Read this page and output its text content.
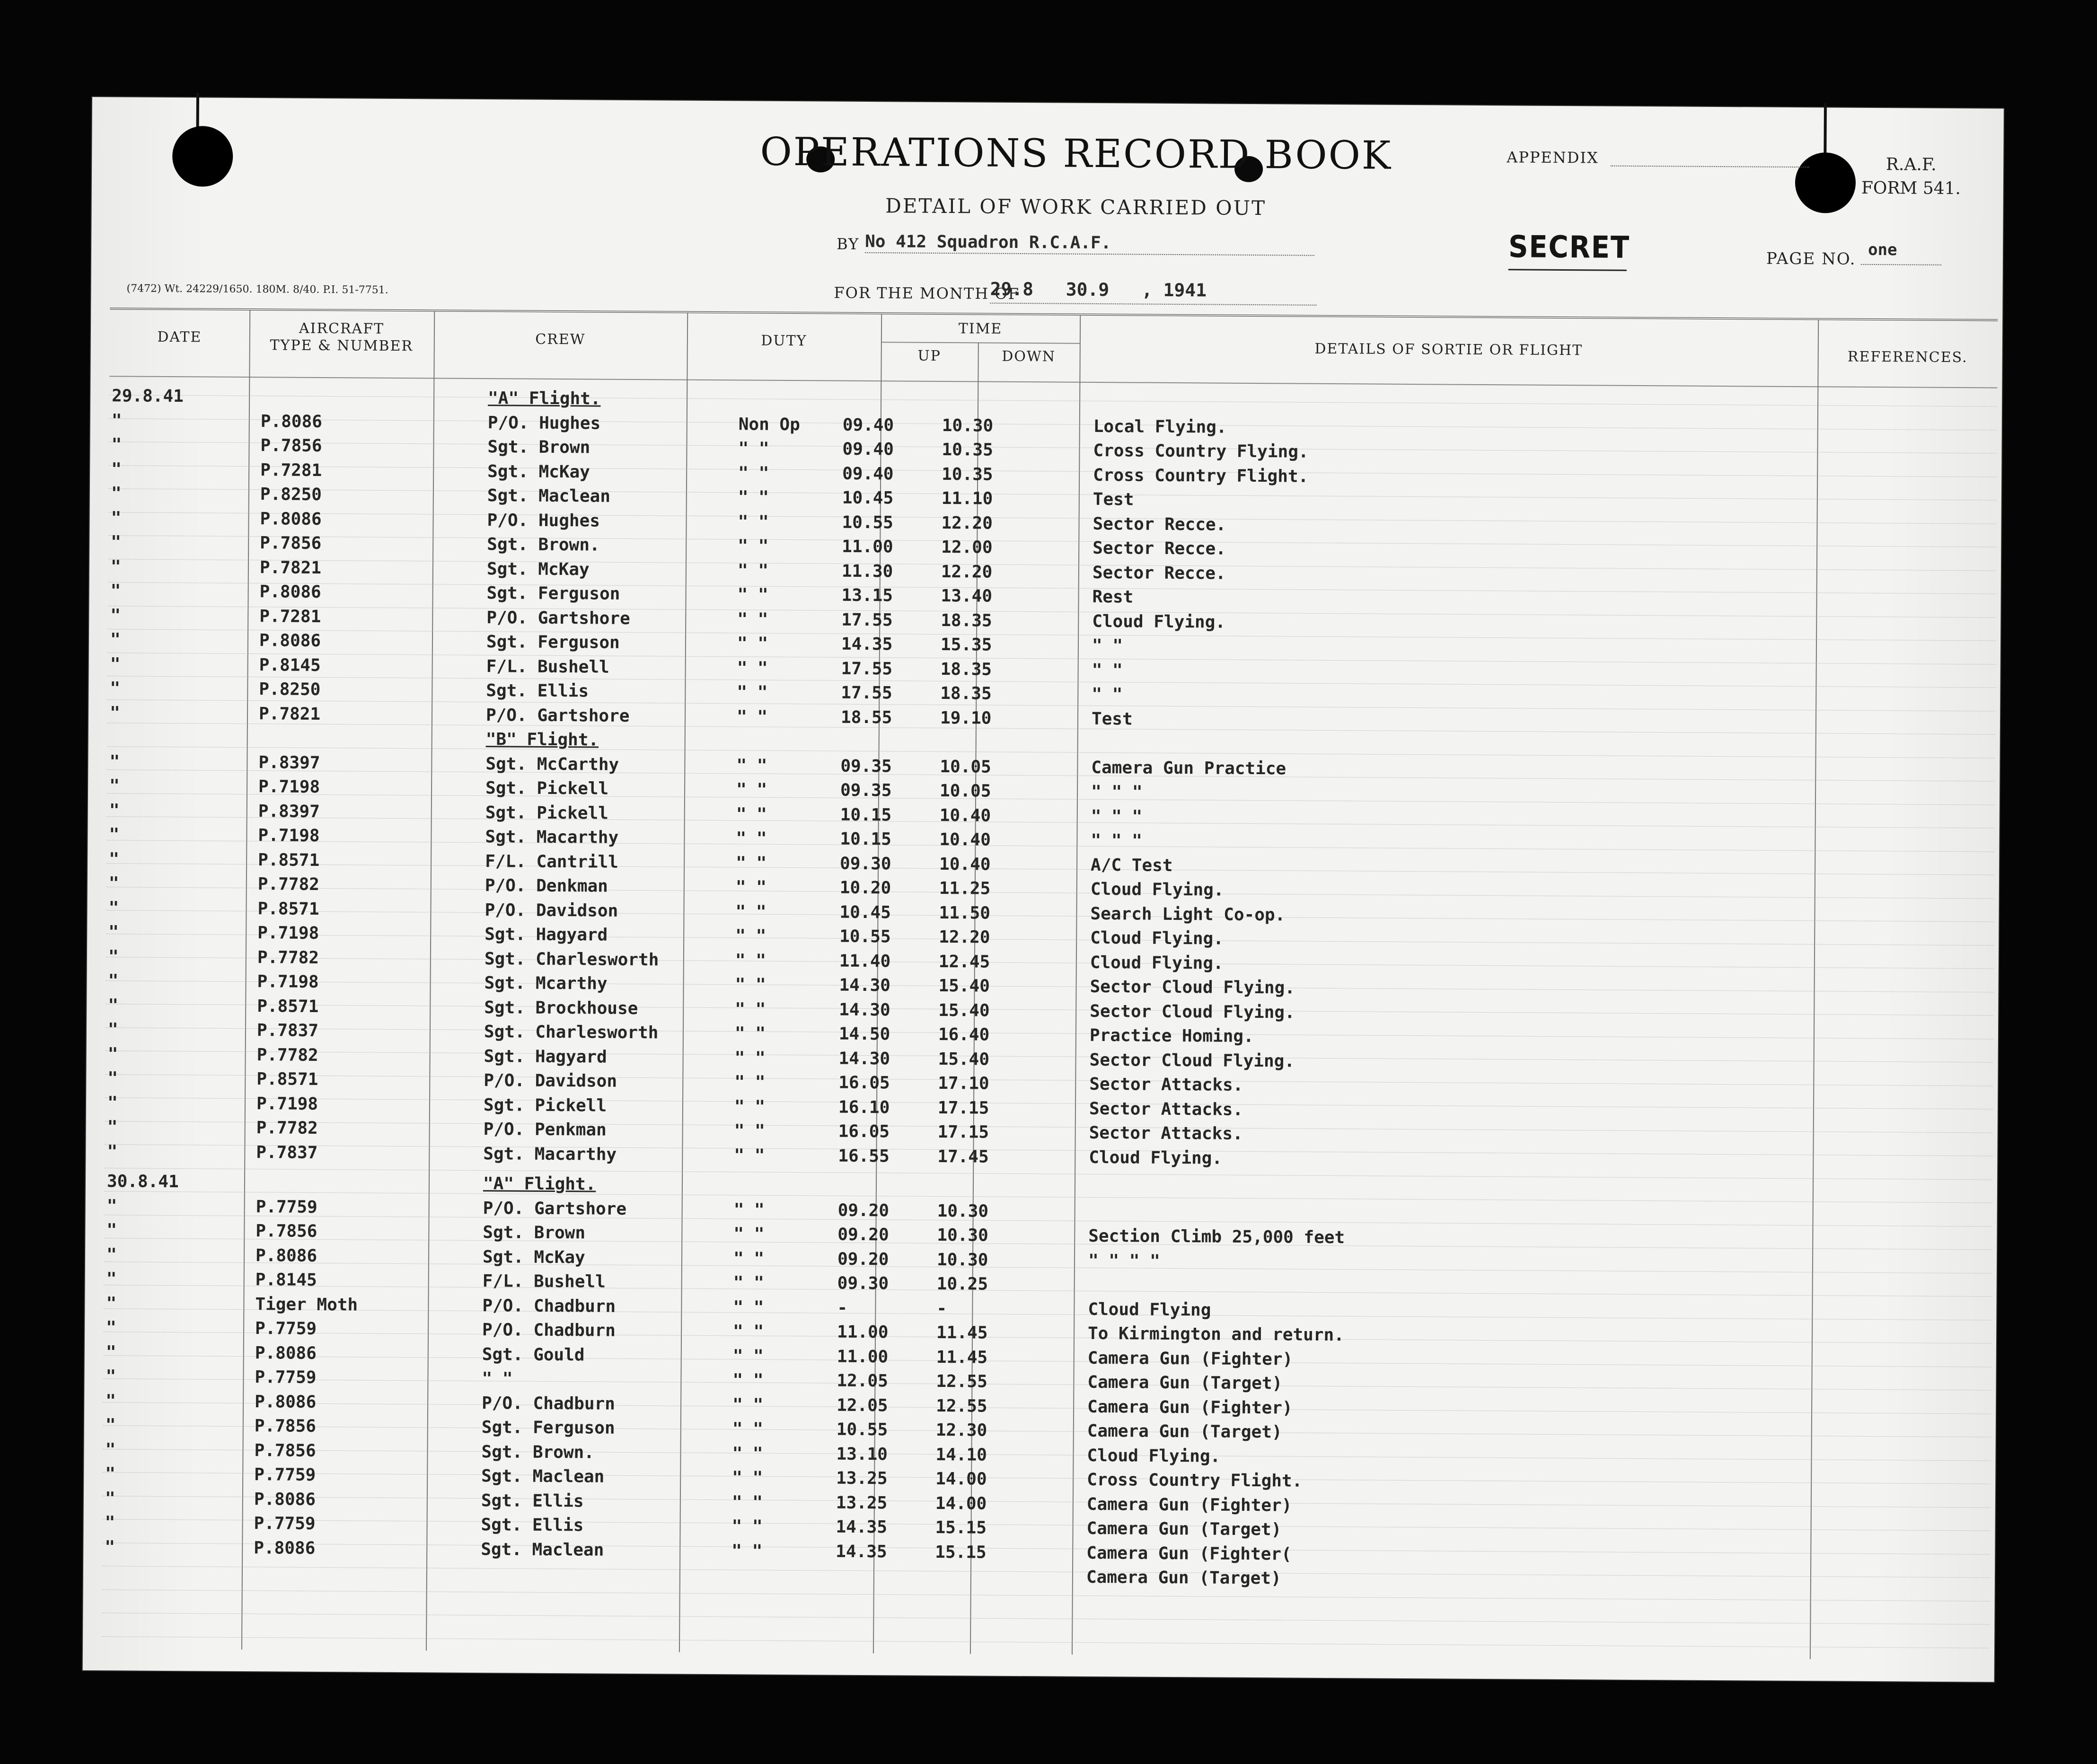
OPERATIONS RECORD BOOK
DETAIL OF WORK CARRIED OUT
APPENDIX	R.A.F.
FORM 541.
BY No 412 Squadron R.C.A.F.	SECRET	PAGE NO. one
(7472) Wt. 24229/1650. 180M. 8/40. P.I. 51-7751.	FOR THE MONTH OF
29.8   30.9   , 1941
DATE	AIRCRAFT
TYPE & NUMBER	CREW	DUTY
TIME
UP	DOWN	DETAILS OF SORTIE OR FLIGHT	REFERENCES.
29.8.41	"A" Flight.
"	P.8086	P/O. Hughes	Non Op 09.40	10.30	Local Flying.
"	P.7856	Sgt. Brown	" "	09.40	10.35	Cross Country Flying.
"	P.7281	Sgt. McKay	" "	09.40	10.35	Cross Country Flight.
"	P.8250	Sgt. Maclean	" "	10.45	11.10	Test
"	P.8086	P/O. Hughes	" "	10.55	12.20	Sector Recce.
"	P.7856	Sgt. Brown.	" "	11.00	12.00	Sector Recce.
"	P.7821	Sgt. McKay	" "	11.30	12.20	Sector Recce.
"	P.8086	Sgt. Ferguson	" "	13.15	13.40	Rest
"	P.7281	P/O. Gartshore	" "	17.55	18.35	Cloud Flying.
"	P.8086	Sgt. Ferguson	" "	14.35	15.35	" "
"	P.8145	F/L. Bushell	" "	17.55	18.35	" "
"	P.8250	Sgt. Ellis	" "	17.55	18.35	" "
"	P.7821	P/O. Gartshore	" "	18.55	19.10	Test
"B" Flight.
"	P.8397	Sgt. McCarthy	" "	09.35	10.05	Camera Gun Practice
"	P.7198	Sgt. Pickell	" "	09.35	10.05	" " "
"	P.8397	Sgt. Pickell	" "	10.15	10.40	" " "
"	P.7198	Sgt. Macarthy	" "	10.15	10.40	" " "
"	P.8571	F/L. Cantrill	" "	09.30	10.40	A/C Test
"	P.7782	P/O. Denkman	" "	10.20	11.25	Cloud Flying.
"	P.8571	P/O. Davidson	" "	10.45	11.50	Search Light Co-op.
"	P.7198	Sgt. Hagyard	" "	10.55	12.20	Cloud Flying.
"	P.7782	Sgt. Charlesworth	" "	11.40	12.45	Cloud Flying.
"	P.7198	Sgt. Mcarthy	" "	14.30	15.40	Sector Cloud Flying.
"	P.8571	Sgt. Brockhouse	" "	14.30	15.40	Sector Cloud Flying.
"	P.7837	Sgt. Charlesworth	" "	14.50	16.40	Practice Homing.
"	P.7782	Sgt. Hagyard	" "	14.30	15.40	Sector Cloud Flying.
"	P.8571	P/O. Davidson	" "	16.05	17.10	Sector Attacks.
"	P.7198	Sgt. Pickell	" "	16.10	17.15	Sector Attacks.
"	P.7782	P/O. Penkman	" "	16.05	17.15	Sector Attacks.
"	P.7837	Sgt. Macarthy	" "	16.55	17.45	Cloud Flying.
30.8.41	"A" Flight.
"	P.7759	P/O. Gartshore	" "	09.20	10.30
"	P.7856	Sgt. Brown	" "	09.20	10.30	Section Climb 25,000 feet
"	P.8086	Sgt. McKay	" "	09.20	10.30	" " " "
"	P.8145	F/L. Bushell	" "	09.30	10.25
"	Tiger Moth	P/O. Chadburn	" "	-	-	Cloud Flying
"	P.7759	P/O. Chadburn	" "	11.00	11.45	To Kirmington and return.
"	P.8086	Sgt. Gould	" "	11.00	11.45	Camera Gun (Fighter)
"	P.7759	" "	" "	12.05	12.55	Camera Gun (Target)
"	P.8086	P/O. Chadburn	" "	12.05	12.55	Camera Gun (Fighter)
"	P.7856	Sgt. Ferguson	" "	10.55	12.30	Camera Gun (Target)
"	P.7856	Sgt. Brown.	" "	13.10	14.10	Cloud Flying.
"	P.7759	Sgt. Maclean	" "	13.25	14.00	Cross Country Flight.
"	P.8086	Sgt. Ellis	" "	13.25	14.00	Camera Gun (Fighter)
"	P.7759	Sgt. Ellis	" "	14.35	15.15	Camera Gun (Target)
"	P.8086	Sgt. Maclean	" "	14.35	15.15	Camera Gun (Fighter(
Camera Gun (Target)
